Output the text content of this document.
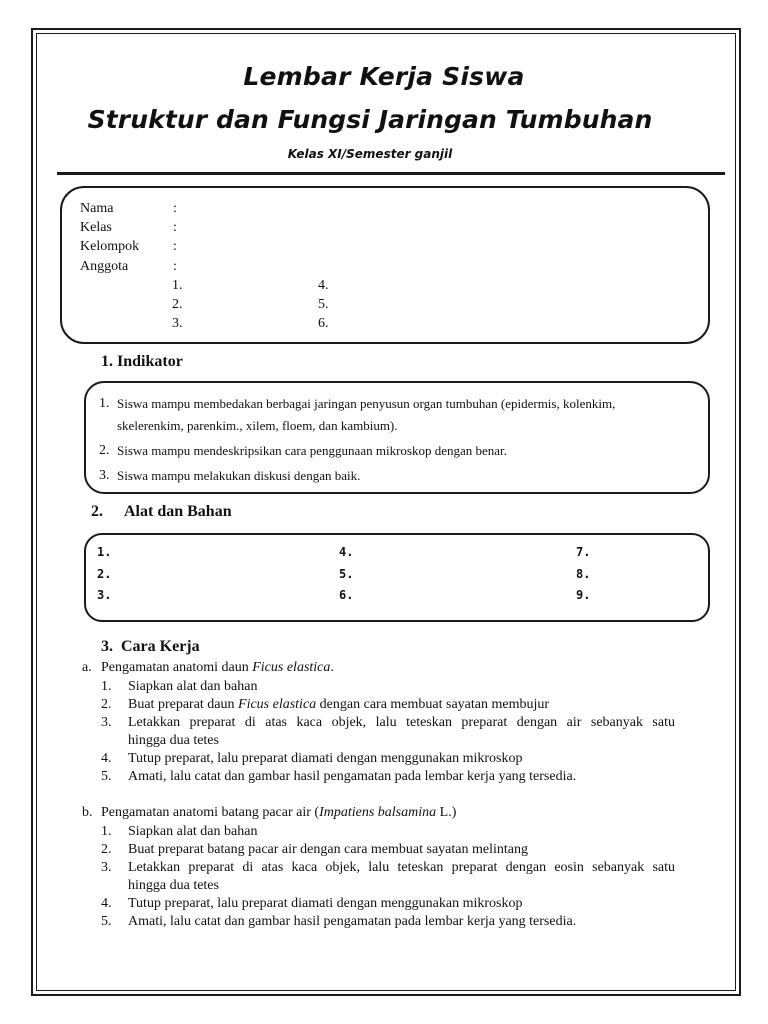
Lembar Kerja Siswa
Struktur dan Fungsi Jaringan Tumbuhan
Kelas XI/Semester ganjil
Nama
Kelas
Kelompok
Anggota
:
:
:
:
1.
2.
3.
4.
5.
6.
1. Indikator
1. Siswa mampu membedakan berbagai jaringan penyusun organ tumbuhan (epidermis, kolenkim,
skelerenkim, parenkim., xilem, floem, dan kambium).
2. Siswa mampu mendeskripsikan cara penggunaan mikroskop dengan benar.
3. Siswa mampu melakukan diskusi dengan baik.
2. Alat dan Bahan
1.
2.
3.
4.
5.
6.
7.
8.
9.
3.  Cara Kerja
a. Pengamatan anatomi daun Ficus elastica.
1. Siapkan alat dan bahan
2. Buat preparat daun Ficus elastica dengan cara membuat sayatan membujur
3. Letakkan preparat di atas kaca objek, lalu teteskan preparat dengan air sebanyak satu
hingga dua tetes
4. Tutup preparat, lalu preparat diamati dengan menggunakan mikroskop
5. Amati, lalu catat dan gambar hasil pengamatan pada lembar kerja yang tersedia.
b. Pengamatan anatomi batang pacar air (Impatiens balsamina L.)
1. Siapkan alat dan bahan
2. Buat preparat batang pacar air dengan cara membuat sayatan melintang
3. Letakkan preparat di atas kaca objek, lalu teteskan preparat dengan eosin sebanyak satu
hingga dua tetes
4. Tutup preparat, lalu preparat diamati dengan menggunakan mikroskop
5. Amati, lalu catat dan gambar hasil pengamatan pada lembar kerja yang tersedia.
